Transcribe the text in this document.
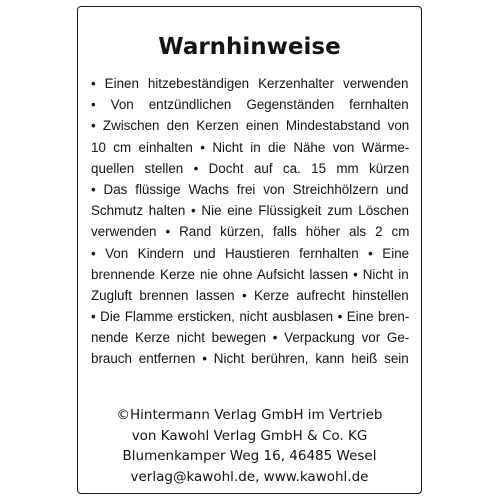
Warnhinweise
• Einen hitzebeständigen Kerzenhalter verwenden
• Von entzündlichen Gegenständen fernhalten
• Zwischen den Kerzen einen Mindestabstand von
10 cm einhalten • Nicht in die Nähe von Wärme-
quellen stellen • Docht auf ca. 15 mm kürzen
• Das flüssige Wachs frei von Streichhölzern und
Schmutz halten • Nie eine Flüssigkeit zum Löschen
verwenden • Rand kürzen, falls höher als 2 cm
• Von Kindern und Haustieren fernhalten • Eine
brennende Kerze nie ohne Aufsicht lassen • Nicht in
Zugluft brennen lassen • Kerze aufrecht hinstellen
• Die Flamme ersticken, nicht ausblasen • Eine bren-
nende Kerze nicht bewegen • Verpackung vor Ge-
brauch entfernen • Nicht berühren, kann heiß sein
©Hintermann Verlag GmbH im Vertrieb
von Kawohl Verlag GmbH & Co. KG
Blumenkamper Weg 16, 46485 Wesel
verlag@kawohl.de, www.kawohl.de
